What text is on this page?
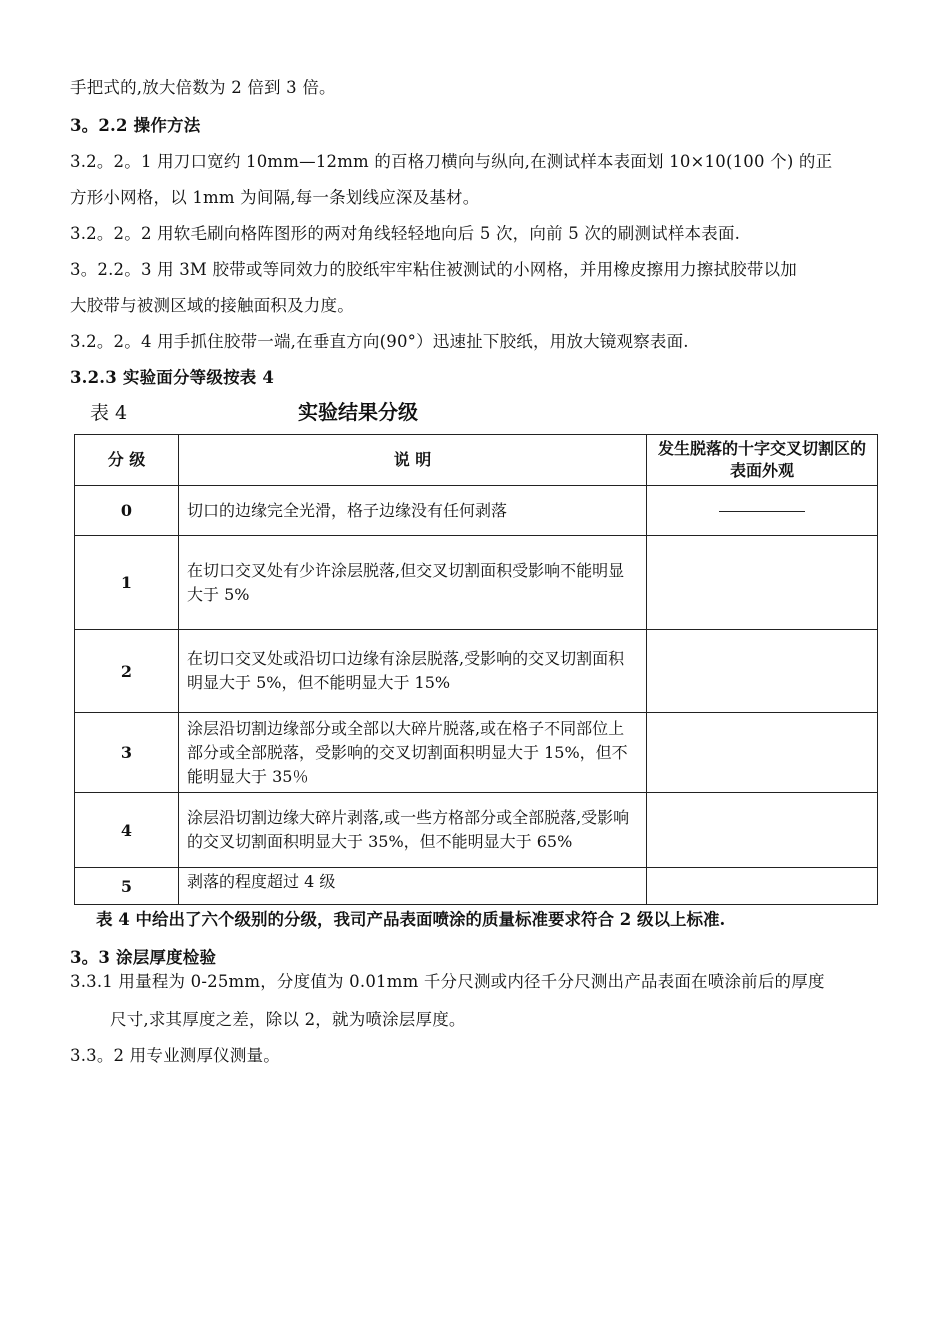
手把式的,放大倍数为 2 倍到 3 倍。
3。2.2 操作方法
3.2。2。1 用刀口宽约 10mm—12mm 的百格刀横向与纵向,在测试样本表面划 10×10(100 个) 的正
方形小网格，以 1mm 为间隔,每一条划线应深及基材。
3.2。2。2 用软毛刷向格阵图形的两对角线轻轻地向后 5 次，向前 5 次的刷测试样本表面.
3。2.2。3 用 3M 胶带或等同效力的胶纸牢牢粘住被测试的小网格，并用橡皮擦用力擦拭胶带以加
大胶带与被测区域的接触面积及力度。
3.2。2。4 用手抓住胶带一端,在垂直方向(90°）迅速扯下胶纸，用放大镜观察表面.
3.2.3 实验面分等级按表 4
表 4	实验结果分级
分 级	说 明	发生脱落的十字交叉切割区的表面外观
0	切口的边缘完全光滑，格子边缘没有任何剥落	
1	在切口交叉处有少许涂层脱落,但交叉切割面积受影响不能明显大于 5%	
2	在切口交叉处或沿切口边缘有涂层脱落,受影响的交叉切割面积明显大于 5%，但不能明显大于 15%	
3	涂层沿切割边缘部分或全部以大碎片脱落,或在格子不同部位上部分或全部脱落，受影响的交叉切割面积明显大于 15%，但不能明显大于 35％	
4	涂层沿切割边缘大碎片剥落,或一些方格部分或全部脱落,受影响的交叉切割面积明显大于 35%，但不能明显大于 65%	
5	剥落的程度超过 4 级	
表 4 中给出了六个级别的分级，我司产品表面喷涂的质量标准要求符合 2 级以上标准.
3。3 涂层厚度检验
3.3.1 用量程为 0-25mm，分度值为 0.01mm 千分尺测或内径千分尺测出产品表面在喷涂前后的厚度
尺寸,求其厚度之差，除以 2，就为喷涂层厚度。
3.3。2 用专业测厚仪测量。
